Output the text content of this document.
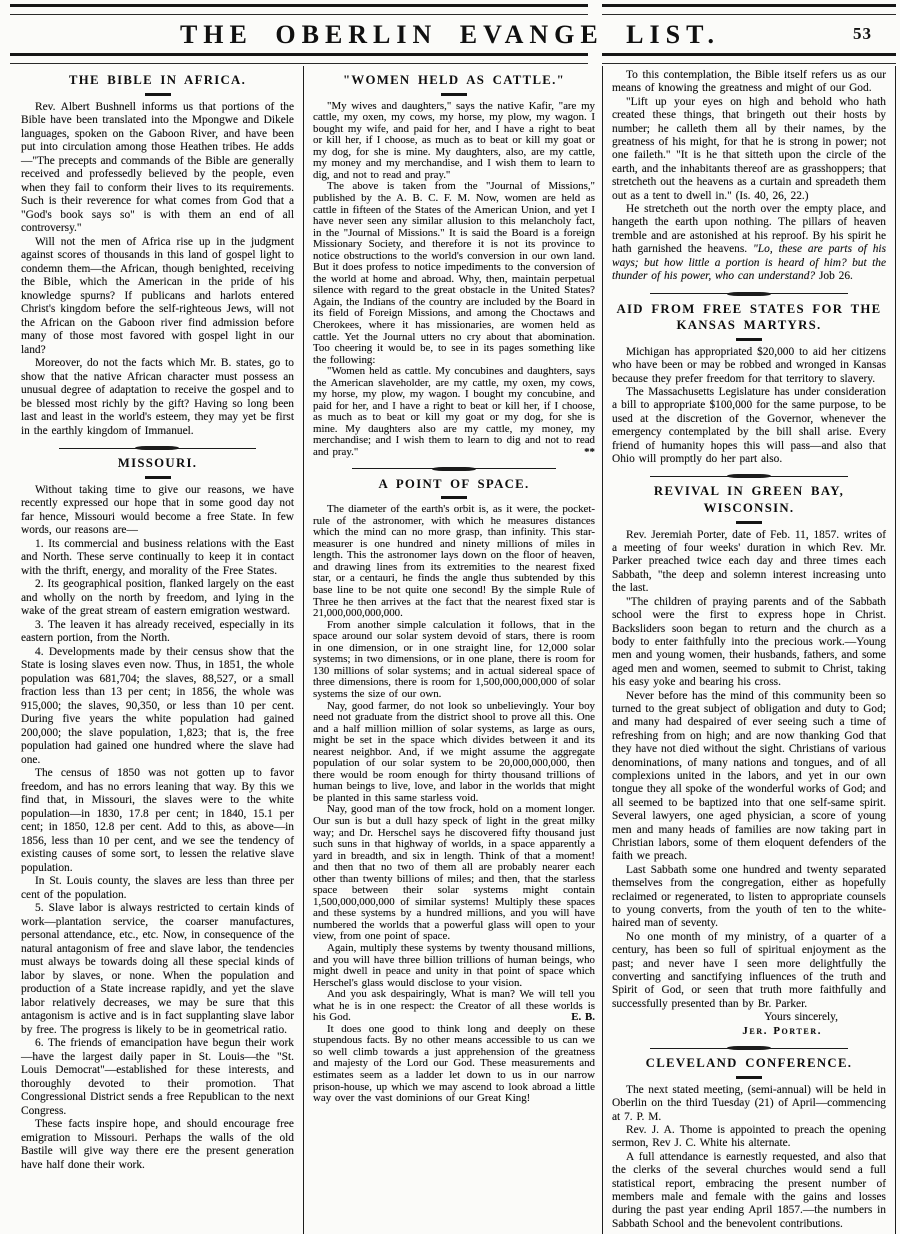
THE OBERLIN EVANGE LIST.	53
THE BIBLE IN AFRICA.

Rev. Albert Bushnell informs us that portions of the Bible have been translated into the Mpongwe and Dikele languages, spoken on the Gaboon River, and have been put into circulation among those Heathen tribes. He adds —"The precepts and commands of the Bible are generally received and professedly believed by the people, even when they fail to conform their lives to its requirements. Such is their reverence for what comes from God that a "God's book says so" is with them an end of all controversy."

Will not the men of Africa rise up in the judgment against scores of thousands in this land of gospel light to condemn them—the African, though benighted, receiving the Bible, which the American in the pride of his knowledge spurns? If publicans and harlots entered Christ's kingdom before the self-righteous Jews, will not the African on the Gaboon river find admission before many of those most favored with gospel light in our land?

Moreover, do not the facts which Mr. B. states, go to show that the native African character must possess an unusual degree of adaptation to receive the gospel and to be blessed most richly by the gift? Having so long been last and least in the world's esteem, they may yet be first in the earthly kingdom of Immanuel.

MISSOURI.

Without taking time to give our reasons, we have recently expressed our hope that in some good day not far hence, Missouri would become a free State. In few words, our reasons are—

1. Its commercial and business relations with the East and North. These serve continually to keep it in contact with the thrift, energy, and morality of the Free States.

2. Its geographical position, flanked largely on the east and wholly on the north by freedom, and lying in the wake of the great stream of eastern emigration westward.

3. The leaven it has already received, especially in its eastern portion, from the North.

4. Developments made by their census show that the State is losing slaves even now. Thus, in 1851, the whole population was 681,704; the slaves, 88,527, or a small fraction less than 13 per cent; in 1856, the whole was 915,000; the slaves, 90,350, or less than 10 per cent. During five years the white population had gained 200,000; the slave population, 1,823; that is, the free population had gained one hundred where the slave had one.

The census of 1850 was not gotten up to favor freedom, and has no errors leaning that way. By this we find that, in Missouri, the slaves were to the white population—in 1830, 17.8 per cent; in 1840, 15.1 per cent; in 1850, 12.8 per cent. Add to this, as above—in 1856, less than 10 per cent, and we see the tendency of existing causes of some sort, to lessen the relative slave population.

In St. Louis county, the slaves are less than three per cent of the population.

5. Slave labor is always restricted to certain kinds of work—plantation service, the coarser manufactures, personal attendance, etc., etc. Now, in consequence of the natural antagonism of free and slave labor, the tendencies must always be towards doing all these special kinds of labor by slaves, or none. When the population and production of a State increase rapidly, and yet the slave labor relatively decreases, we may be sure that this antagonism is active and is in fact supplanting slave labor by free. The progress is likely to be in geometrical ratio.

6. The friends of emancipation have begun their work —have the largest daily paper in St. Louis—the "St. Louis Democrat"—established for these interests, and thoroughly devoted to their promotion. That Congressional District sends a free Republican to the next Congress.

These facts inspire hope, and should encourage free emigration to Missouri. Perhaps the walls of the old Bastile will give way there ere the present generation have half done their work.

"WOMEN HELD AS CATTLE."

"My wives and daughters," says the native Kafir, "are my cattle, my oxen, my cows, my horse, my plow, my wagon. I bought my wife, and paid for her, and I have a right to beat or kill her, if I choose, as much as to beat or kill my goat or my dog, for she is mine. My daughters, also, are my cattle, my money and my merchandise, and I wish them to learn to dig, and not to read and pray."

The above is taken from the "Journal of Missions," published by the A. B. C. F. M. Now, women are held as cattle in fifteen of the States of the American Union, and yet I have never seen any similar allusion to this melancholy fact, in the "Journal of Missions." It is said the Board is a foreign Missionary Society, and therefore it is not its province to notice obstructions to the world's conversion in our own land. But it does profess to notice impediments to the conversion of the world at home and abroad. Why, then, maintain perpetual silence with regard to the great obstacle in the United States? Again, the Indians of the country are included by the Board in its field of Foreign Missions, and among the Choctaws and Cherokees, where it has missionaries, are women held as cattle. Yet the Journal utters no cry about that abomination. Too cheering it would be, to see in its pages something like the following:

"Women held as cattle. My concubines and daughters, says the American slaveholder, are my cattle, my oxen, my cows, my horse, my plow, my wagon. I bought my concubine, and paid for her, and I have a right to beat or kill her, if I choose, as much as to beat or kill my goat or my dog, for she is mine. My daughters also are my cattle, my money, my merchandise; and I wish them to learn to dig and not to read and pray."	**

A POINT OF SPACE.

The diameter of the earth's orbit is, as it were, the pocket-rule of the astronomer, with which he measures distances which the mind can no more grasp, than infinity. This star-measurer is one hundred and ninety millions of miles in length. This the astronomer lays down on the floor of heaven, and drawing lines from its extremities to the nearest fixed star, or a centauri, he finds the angle thus subtended by this base line to be not quite one second! By the simple Rule of Three he then arrives at the fact that the nearest fixed star is 21,000,000,000,000.

From another simple calculation it follows, that in the space around our solar system devoid of stars, there is room in one dimension, or in one straight line, for 12,000 solar systems; in two dimensions, or in one plane, there is room for 130 millions of solar systems; and in actual sidereal space of three dimensions, there is room for 1,500,000,000,000 of solar systems the size of our own.

Nay, good farmer, do not look so unbelievingly. Your boy need not graduate from the district shool to prove all this. One and a half million million of solar systems, as large as ours, might be set in the space which divides between it and its nearest neighbor. And, if we might assume the aggregate population of our solar system to be 20,000,000,000, then there would be room enough for thirty thousand trillions of human beings to live, love, and labor in the worlds that might be planted in this same starless void.

Nay, good man of the tow frock, hold on a moment longer. Our sun is but a dull hazy speck of light in the great milky way; and Dr. Herschel says he discovered fifty thousand just such suns in that highway of worlds, in a space apparently a yard in breadth, and six in length. Think of that a moment! and then that no two of them all are probably nearer each other than twenty billions of miles; and then, that the starless space between their solar systems might contain 1,500,000,000,000 of similar systems! Multiply these spaces and these systems by a hundred millions, and you will have numbered the worlds that a powerful glass will open to your view, from one point of space.

Again, multiply these systems by twenty thousand millions, and you will have three billion trillions of human beings, who might dwell in peace and unity in that point of space which Herschel's glass would disclose to your vision.

And you ask despairingly, What is man? We will tell you what he is in one respect: the Creator of all these worlds is his God.	E. B.

It does one good to think long and deeply on these stupendous facts. By no other means accessible to us can we so well climb towards a just apprehension of the greatness and majesty of the Lord our God. These measurements and estimates seem as a ladder let down to us in our narrow prison-house, up which we may ascend to look abroad a little way over the vast dominions of our Great King!

To this contemplation, the Bible itself refers us as our means of knowing the greatness and might of our God.

"Lift up your eyes on high and behold who hath created these things, that bringeth out their hosts by number; he calleth them all by their names, by the greatness of his might, for that he is strong in power; not one faileth." "It is he that sitteth upon the circle of the earth, and the inhabitants thereof are as grasshoppers; that stretcheth out the heavens as a curtain and spreadeth them out as a tent to dwell in." (Is. 40, 26, 22.)

He stretcheth out the north over the empty place, and hangeth the earth upon nothing. The pillars of heaven tremble and are astonished at his reproof. By his spirit he hath garnished the heavens. "Lo, these are parts of his ways; but how little a portion is heard of him? but the thunder of his power, who can understand? Job 26.

AID FROM FREE STATES FOR THE KANSAS MARTYRS.

Michigan has appropriated $20,000 to aid her citizens who have been or may be robbed and wronged in Kansas because they prefer freedom for that territory to slavery.

The Massachusetts Legislature has under consideration a bill to appropriate $100,000 for the same purpose, to be used at the discretion of the Governor, whenever the emergency contemplated by the bill shall arise. Every friend of humanity hopes this will pass—and also that Ohio will promptly do her part also.

REVIVAL IN GREEN BAY, WISCONSIN.

Rev. Jeremiah Porter, date of Feb. 11, 1857. writes of a meeting of four weeks' duration in which Rev. Mr. Parker preached twice each day and three times each Sabbath, "the deep and solemn interest increasing unto the last.

"The children of praying parents and of the Sabbath school were the first to express hope in Christ. Backsliders soon began to return and the church as a body to enter faithfully into the precious work.—Young men and young women, their husbands, fathers, and some aged men and women, seemed to submit to Christ, taking his easy yoke and bearing his cross.

Never before has the mind of this community been so turned to the great subject of obligation and duty to God; and many had despaired of ever seeing such a time of refreshing from on high; and are now thanking God that they have not died without the sight. Christians of various denominations, of many nations and tongues, and of all complexions united in the labors, and yet in our own tongue they all spoke of the wonderful works of God; and all seemed to be baptized into that one self-same spirit. Several lawyers, one aged physician, a score of young men and many heads of families are now taking part in Christian labors, some of them eloquent defenders of the faith we preach.

Last Sabbath some one hundred and twenty separated themselves from the congregation, either as hopefully reclaimed or regenerated, to listen to appropriate counsels to young converts, from the youth of ten to the white-haired man of seventy.

No one month of my ministry, of a quarter of a century, has been so full of spiritual enjoyment as the past; and never have I seen more delightfully the converting and sanctifying influences of the truth and Spirit of God, or seen that truth more faithfully and successfully presented than by Br. Parker.

Yours sincerely,

Jer. Porter.

CLEVELAND CONFERENCE.

The next stated meeting, (semi-annual) will be held in Oberlin on the third Tuesday (21) of April—commencing at 7. P. M.

Rev. J. A. Thome is appointed to preach the opening sermon, Rev J. C. White his alternate.

A full attendance is earnestly requested, and also that the clerks of the several churches would send a full statistical report, embracing the present number of members male and female with the gains and losses during the past year ending April 1857.—the numbers in Sabbath School and the benevolent contributions.
